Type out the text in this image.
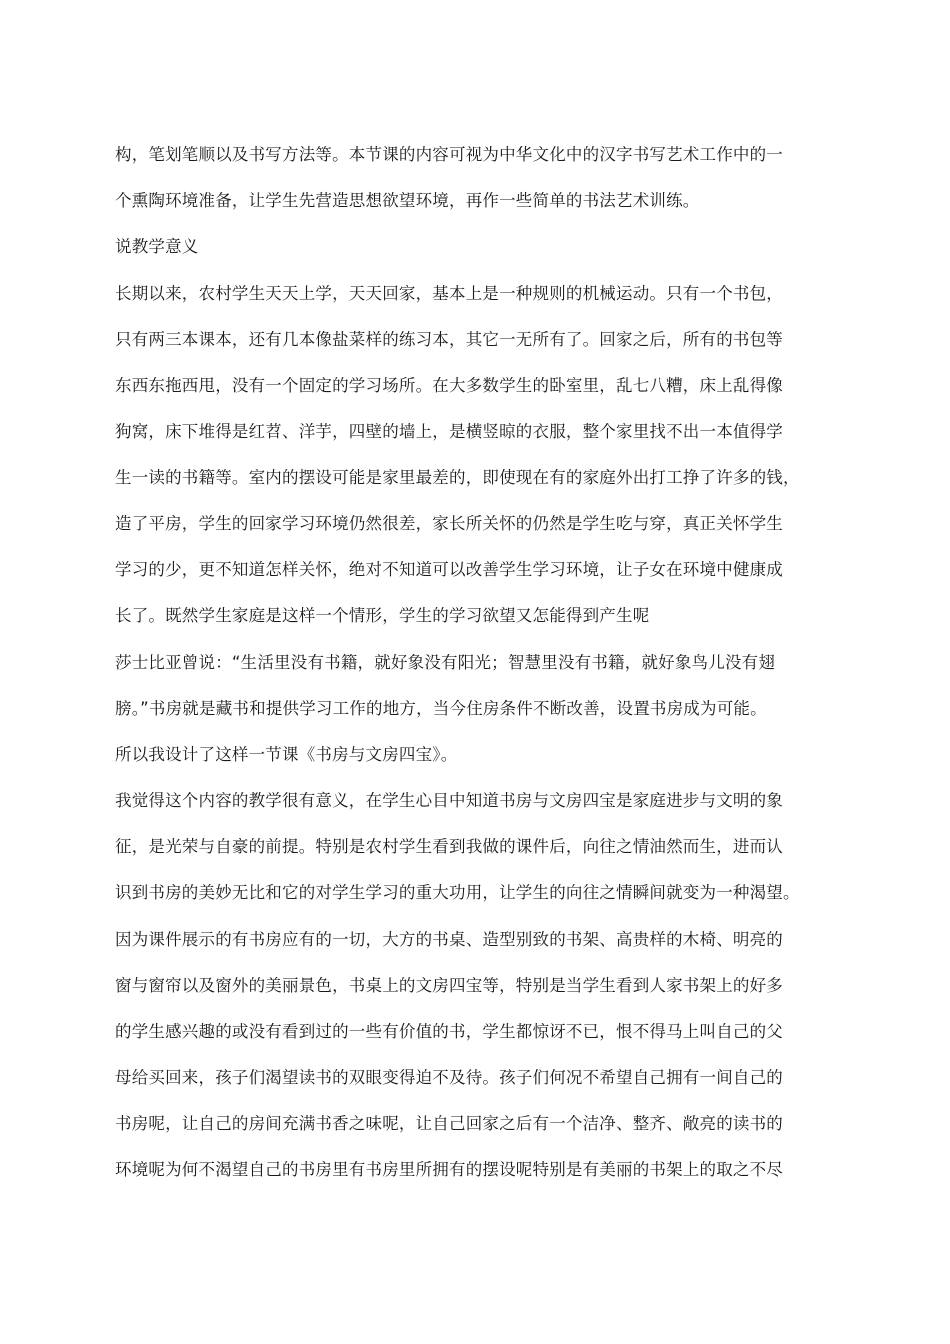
构，笔划笔顺以及书写方法等。本节课的内容可视为中华文化中的汉字书写艺术工作中的一
个熏陶环境准备，让学生先营造思想欲望环境，再作一些简单的书法艺术训练。
说教学意义
长期以来，农村学生天天上学，天天回家，基本上是一种规则的机械运动。只有一个书包，
只有两三本课本，还有几本像盐菜样的练习本，其它一无所有了。回家之后，所有的书包等
东西东拖西甩，没有一个固定的学习场所。在大多数学生的卧室里，乱七八糟，床上乱得像
狗窝，床下堆得是红苕、洋芋，四壁的墙上，是横竖晾的衣服，整个家里找不出一本值得学
生一读的书籍等。室内的摆设可能是家里最差的，即使现在有的家庭外出打工挣了许多的钱，
造了平房，学生的回家学习环境仍然很差，家长所关怀的仍然是学生吃与穿，真正关怀学生
学习的少，更不知道怎样关怀，绝对不知道可以改善学生学习环境，让子女在环境中健康成
长了。既然学生家庭是这样一个情形，学生的学习欲望又怎能得到产生呢
莎士比亚曾说：“生活里没有书籍，就好象没有阳光；智慧里没有书籍，就好象鸟儿没有翅
膀。”书房就是藏书和提供学习工作的地方，当今住房条件不断改善，设置书房成为可能。
所以我设计了这样一节课《书房与文房四宝》。
我觉得这个内容的教学很有意义，在学生心目中知道书房与文房四宝是家庭进步与文明的象
征，是光荣与自豪的前提。特别是农村学生看到我做的课件后，向往之情油然而生，进而认
识到书房的美妙无比和它的对学生学习的重大功用，让学生的向往之情瞬间就变为一种渴望。
因为课件展示的有书房应有的一切，大方的书桌、造型别致的书架、高贵样的木椅、明亮的
窗与窗帘以及窗外的美丽景色，书桌上的文房四宝等，特别是当学生看到人家书架上的好多
的学生感兴趣的或没有看到过的一些有价值的书，学生都惊讶不已，恨不得马上叫自己的父
母给买回来，孩子们渴望读书的双眼变得迫不及待。孩子们何况不希望自己拥有一间自己的
书房呢，让自己的房间充满书香之味呢，让自己回家之后有一个洁净、整齐、敞亮的读书的
环境呢为何不渴望自己的书房里有书房里所拥有的摆设呢特别是有美丽的书架上的取之不尽
